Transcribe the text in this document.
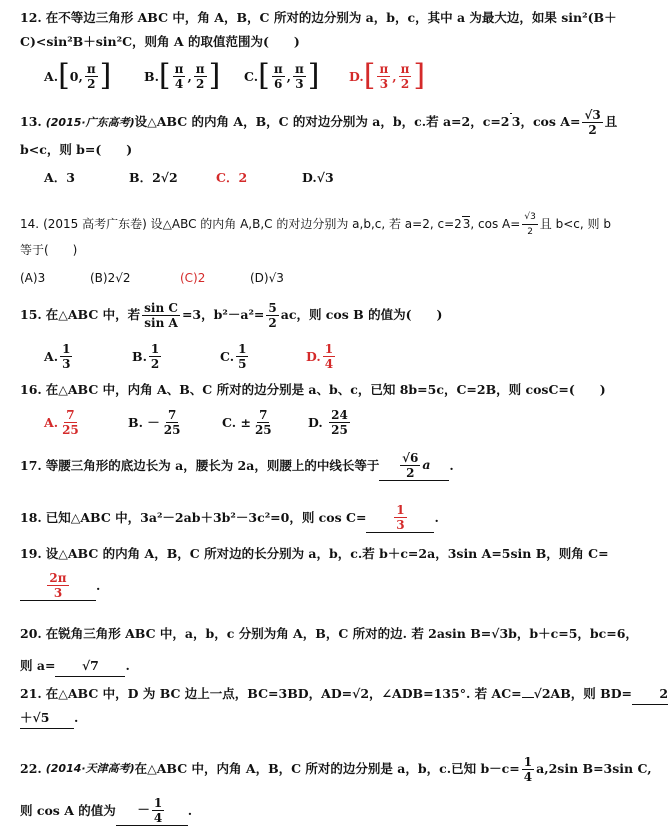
12. 在不等边三角形 ABC 中，角 A，B，C 所对的边分别为 a，b，c，其中 a 为最大边，如果 sin²(B＋
C)<sin²B＋sin²C，则角 A 的取值范围为(　　)
A. [ 0 , $\frac{\pi}{2}$ ]	B. [ $\frac{\pi}{4}$ , $\frac{\pi}{2}$ ] C. [ $\frac{\pi}{6}$ , $\frac{\pi}{3}$ ] D. [ $\frac{\pi}{3}$ , $\frac{\pi}{2}$ ]
13. (2015·广东高考)设△ABC 的内角 A，B，C 的对边分别为 a，b，c.若 a=2，c=2  3，$\cos A= \frac{√3}{2}$ 且
b<c，则 b=(　　)
A．3	B．2√2	C．2	D.√3
14. (2015 高考广东卷) 设△ABC 的内角 A,B,C 的对边分别为 a,b,c, 若 a=2, c=23, $\cos A= \frac{√3}{2}$ 且 b<c, 则 b
等于(　　)
(A)3	(B)2√2	(C)2	(D)√3
15. 在△ABC 中，若 $\frac{\text{sin C}}{\text{sin A}} =3$，$b^2-a^2= \frac{5}{2}$ ac，则 cos B 的值为(　　)
A. $\frac{1}{3}$	B. $\frac{1}{2}$	C. $\frac{1}{5}$	D. $\frac{1}{4}$
16. 在△ABC 中，内角 A、B、C 所对的边分别是 a、b、c，已知 8b=5c，C=2B，则 cosC=(　　)
A. $\frac{7}{25}$	B.
－ $\frac{7}{25}$	C.
± $\frac{7}{25}$	D.
$\frac{24}{25}$
17. 等腰三角形的底边长为 a，腰长为 2a，则腰上的中线长等于 $\frac{√6}{2}$ a	.
18. 已知△ABC 中，3a²－2ab＋3b²－3c²=0，则 $\cos C= \frac{1}{3}$ .
19. 设△ABC 的内角 A，B，C 所对边的长分别为 a，b，c.若 b＋c=2a，3sin A=5sin B，则角 C=
$\frac{2\pi}{3}$ .
20. 在锐角三角形 ABC 中，a，b，c 分别为角 A，B，C 所对的边. 若 2asin B=√3b，b＋c=5，bc=6，
则 a= √7 .
21. 在△ABC 中，D 为 BC 边上一点，BC=3BD，AD=√2，∠ADB=135°. 若 AC= √2AB，则 BD= 2
＋√5 .
22. (2014·天津高考) 在△ABC 中，内角 A，B，C 所对的边分别是 a，b，c.已知 $b-c= \frac{1}{4} a,2\sin$ B=3sin C,
则 cos A 的值为	－ $\frac{1}{4}$ .
